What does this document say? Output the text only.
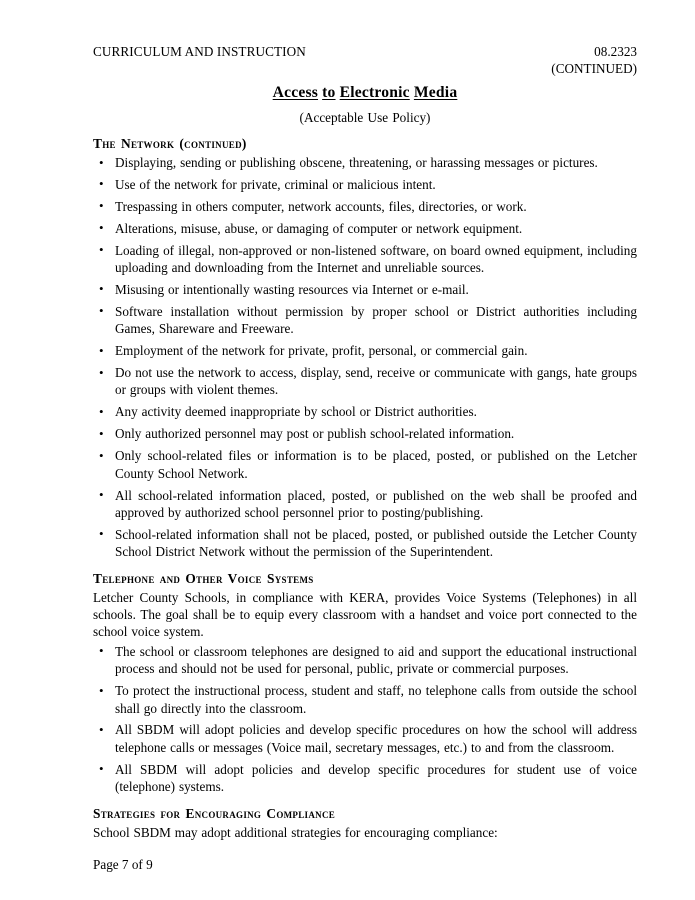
CURRICULUM AND INSTRUCTION	08.2323
(CONTINUED)
Access to Electronic Media
(Acceptable Use Policy)
The Network (continued)
• Displaying, sending or publishing obscene, threatening, or harassing messages or pictures.
• Use of the network for private, criminal or malicious intent.
• Trespassing in others computer, network accounts, files, directories, or work.
• Alterations, misuse, abuse, or damaging of computer or network equipment.
• Loading of illegal, non-approved or non-listened software, on board owned equipment, including uploading and downloading from the Internet and unreliable sources.
• Misusing or intentionally wasting resources via Internet or e-mail.
• Software installation without permission by proper school or District authorities including Games, Shareware and Freeware.
• Employment of the network for private, profit, personal, or commercial gain.
• Do not use the network to access, display, send, receive or communicate with gangs, hate groups or groups with violent themes.
• Any activity deemed inappropriate by school or District authorities.
• Only authorized personnel may post or publish school-related information.
• Only school-related files or information is to be placed, posted, or published on the Letcher County School Network.
• All school-related information placed, posted, or published on the web shall be proofed and approved by authorized school personnel prior to posting/publishing.
• School-related information shall not be placed, posted, or published outside the Letcher County School District Network without the permission of the Superintendent.
Telephone and Other Voice Systems

Letcher County Schools, in compliance with KERA, provides Voice Systems (Telephones) in all schools. The goal shall be to equip every classroom with a handset and voice port connected to the school voice system.

• The school or classroom telephones are designed to aid and support the educational instructional process and should not be used for personal, public, private or commercial purposes.
• To protect the instructional process, student and staff, no telephone calls from outside the school shall go directly into the classroom.
• All SBDM will adopt policies and develop specific procedures on how the school will address telephone calls or messages (Voice mail, secretary messages, etc.) to and from the classroom.
• All SBDM will adopt policies and develop specific procedures for student use of voice (telephone) systems.
Strategies for Encouraging Compliance

School SBDM may adopt additional strategies for encouraging compliance:

Page 7 of 9
